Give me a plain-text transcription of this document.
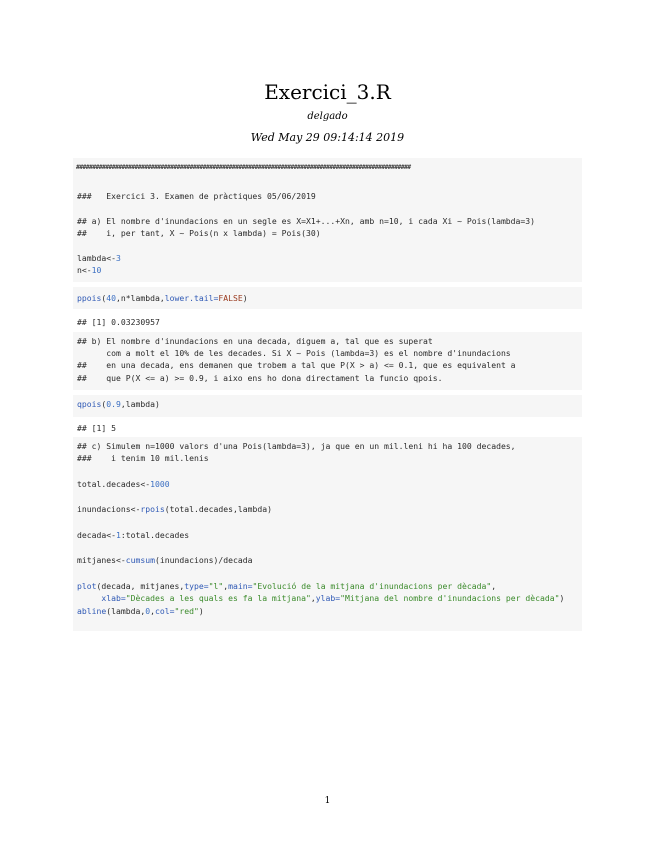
Exercici_3.R
delgado
Wed May 29 09:14:14 2019
#######################################################################################################
###   Exercici 3. Examen de pràctiques 05/06/2019
## a) El nombre d'inundacions en un segle es X=X1+...+Xn, amb n=10, i cada Xi ~ Pois(lambda=3)
##    i, per tant, X ~ Pois(n x lambda) = Pois(30)
lambda<-3
n<-10
ppois(40,n*lambda,lower.tail=FALSE)
## [1] 0.03230957
## b) El nombre d'inundacions en una decada, diguem a, tal que es superat
com a molt el 10% de les decades. Si X ~ Pois (lambda=3) es el nombre d'inundacions
##    en una decada, ens demanen que trobem a tal que P(X > a) <= 0.1, que es equivalent a
##    que P(X <= a) >= 0.9, i aixo ens ho dona directament la funcio qpois.
qpois(0.9,lambda)
## [1] 5
## c) Simulem n=1000 valors d'una Pois(lambda=3), ja que en un mil.leni hi ha 100 decades,
###    i tenim 10 mil.lenis
total.decades<-1000
inundacions<-rpois(total.decades,lambda)
decada<-1:total.decades
mitjanes<-cumsum(inundacions)/decada
plot(decada, mitjanes,type="l",main="Evolució de la mitjana d'inundacions per dècada",
xlab="Dècades a les quals es fa la mitjana",ylab="Mitjana del nombre d'inundacions per dècada")
abline(lambda,0,col="red")
1
